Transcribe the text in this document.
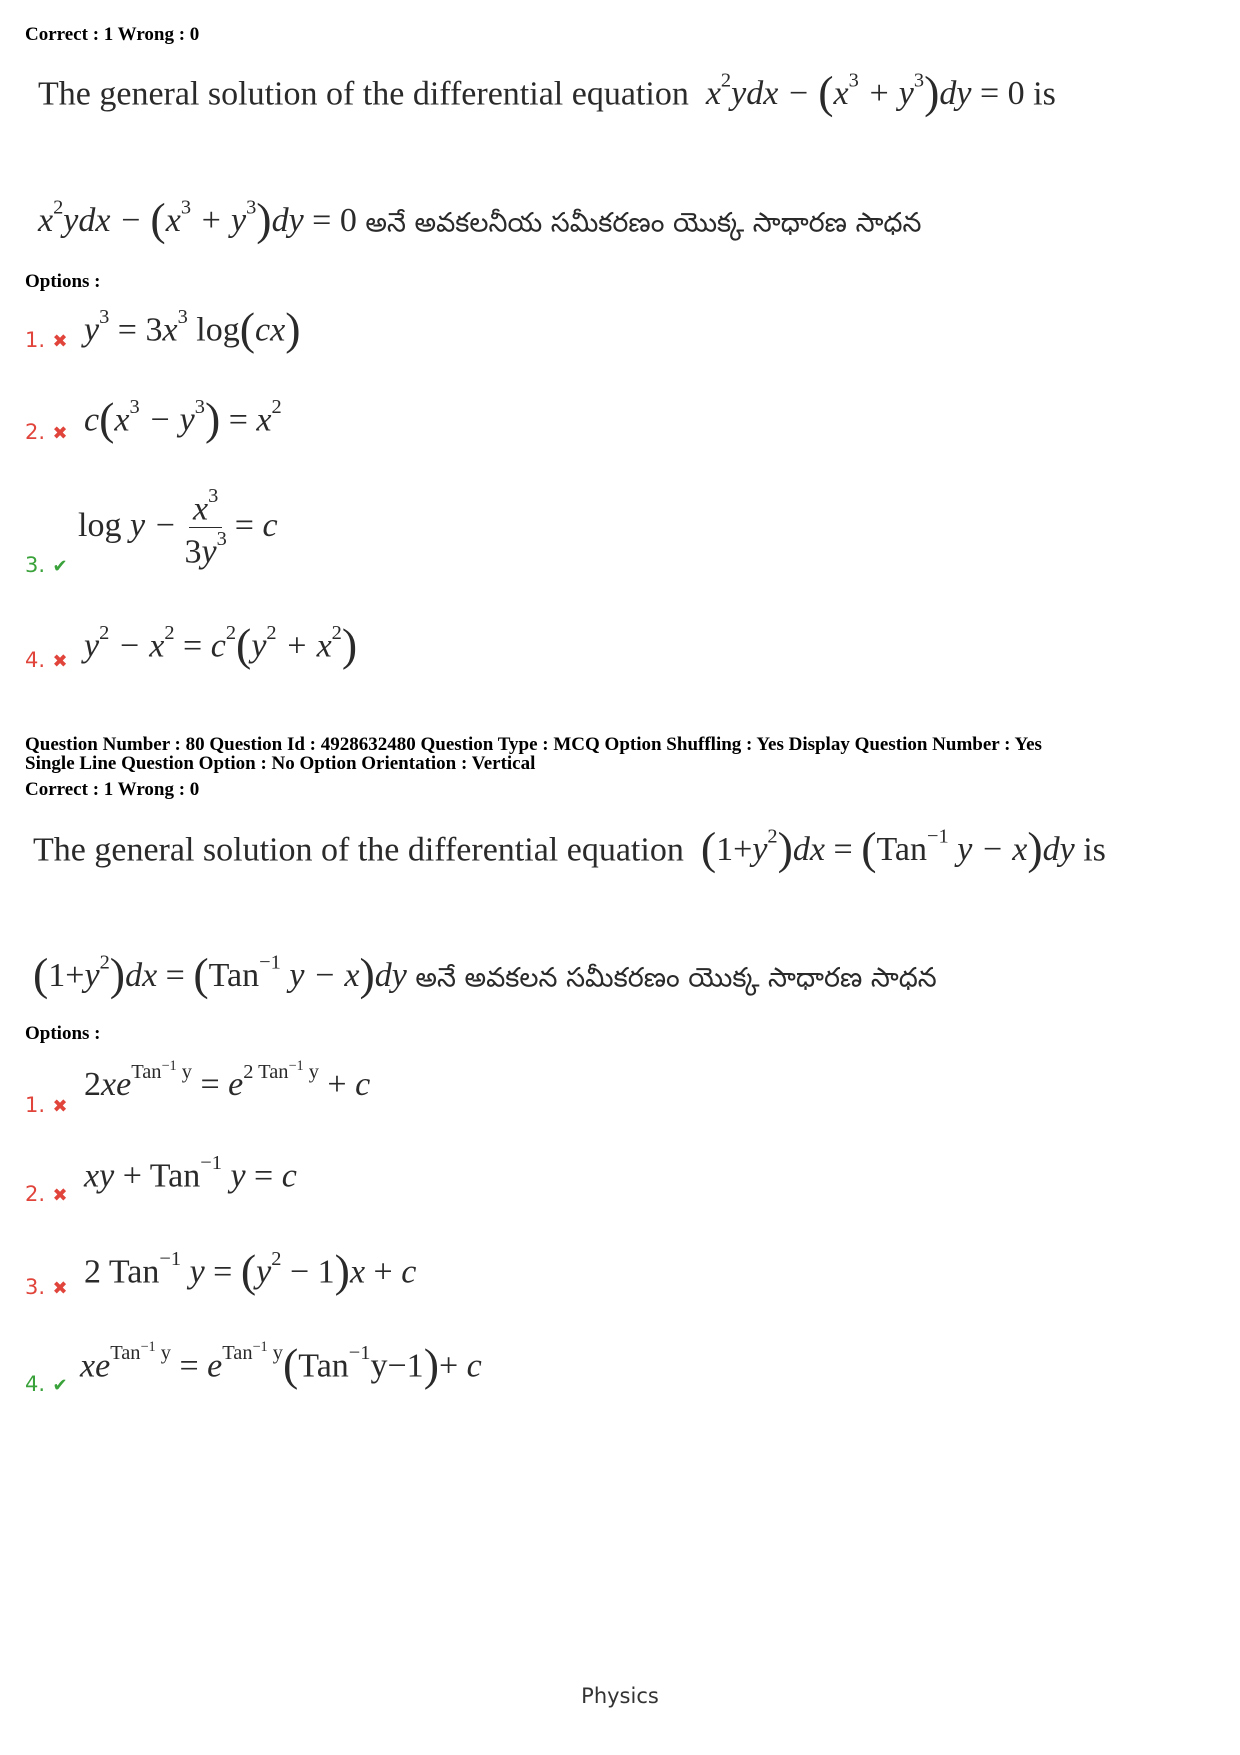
Correct : 1 Wrong : 0
The general solution of the differential equation  $x^2ydx - (x^3 + y^3)dy = 0$ is
$x^2ydx - (x^3 + y^3)dy = 0$ అనే అవకలనీయ సమీకరణం యొక్క సాధారణ సాధన
Options :
1. ✖ $y^3 = 3x^3$ log(cx)
2. ✖ $c(x^3 - y^3) = x^2$
3. ✔
$\log y - \frac{x^3}{3y^3} = c$
4. ✖ $y^2 - x^2 = c^2(y^2 + x^2)$
Question Number : 80 Question Id : 4928632480 Question Type : MCQ Option Shuffling : Yes Display Question Number : Yes
Single Line Question Option : No Option Orientation : Vertical
Correct : 1 Wrong : 0
The general solution of the differential equation $(1+y^2)dx = (Tan^{-1}$ y − x)dy is
$(1+y^2)dx = (Tan^{-1}$ y − x)dy అనే అవకలన సమీకరణం యొక్క సాధారణ సాధన
Options :
1. ✖
$2xe^{Tan^{-1} y} = e^{2 Tan^{-1} y} + c$
2. ✖
xy + Tan$^{-1}$ y = c
3. ✖ 2 Tan$^{-1}$ $y = (y^2 - 1)x + c$
4. ✔
$xe^{Tan^{-1} y} = e^{Tan^{-1} y}(Tan^{-1}y-1)+ c$
Physics
